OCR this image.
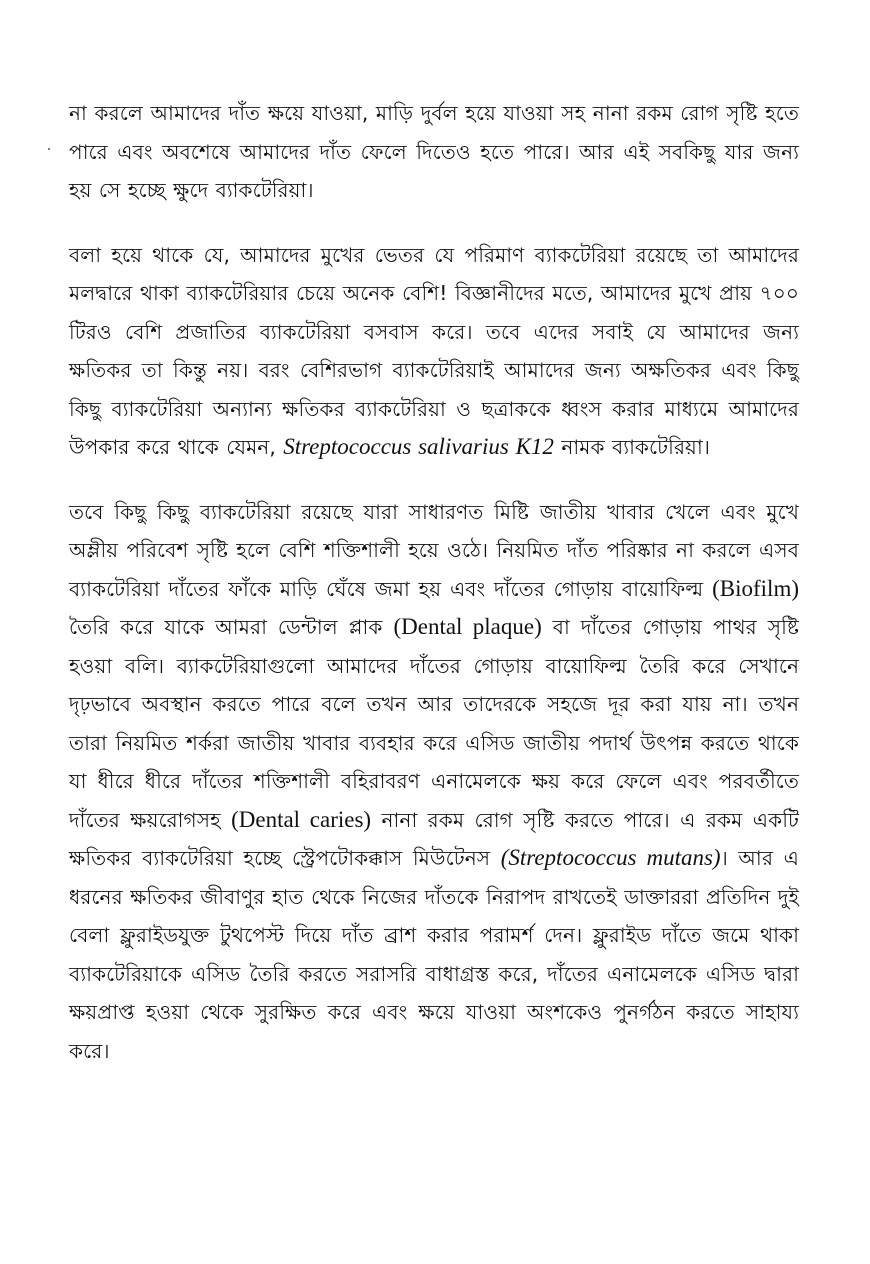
না করলে আমাদের দাঁত ক্ষয়ে যাওয়া, মাড়ি দুর্বল হয়ে যাওয়া সহ নানা রকম রোগ সৃষ্টি হতে পারে এবং অবশেষে আমাদের দাঁত ফেলে দিতেও হতে পারে। আর এই সবকিছু যার জন্য হয় সে হচ্ছে ক্ষুদে ব্যাকটেরিয়া।

বলা হয়ে থাকে যে, আমাদের মুখের ভেতর যে পরিমাণ ব্যাকটেরিয়া রয়েছে তা আমাদের মলদ্বারে থাকা ব্যাকটেরিয়ার চেয়ে অনেক বেশি! বিজ্ঞানীদের মতে, আমাদের মুখে প্রায় ৭০০ টিরও বেশি প্রজাতির ব্যাকটেরিয়া বসবাস করে। তবে এদের সবাই যে আমাদের জন্য ক্ষতিকর তা কিন্তু নয়। বরং বেশিরভাগ ব্যাকটেরিয়াই আমাদের জন্য অক্ষতিকর এবং কিছু কিছু ব্যাকটেরিয়া অন্যান্য ক্ষতিকর ব্যাকটেরিয়া ও ছত্রাককে ধ্বংস করার মাধ্যমে আমাদের উপকার করে থাকে যেমন, Streptococcus salivarius K12 নামক ব্যাকটেরিয়া।

তবে কিছু কিছু ব্যাকটেরিয়া রয়েছে যারা সাধারণত মিষ্টি জাতীয় খাবার খেলে এবং মুখে অম্লীয় পরিবেশ সৃষ্টি হলে বেশি শক্তিশালী হয়ে ওঠে। নিয়মিত দাঁত পরিষ্কার না করলে এসব ব্যাকটেরিয়া দাঁতের ফাঁকে মাড়ি ঘেঁষে জমা হয় এবং দাঁতের গোড়ায় বায়োফিল্ম (Biofilm) তৈরি করে যাকে আমরা ডেন্টাল প্লাক (Dental plaque) বা দাঁতের গোড়ায় পাথর সৃষ্টি হওয়া বলি। ব্যাকটেরিয়াগুলো আমাদের দাঁতের গোড়ায় বায়োফিল্ম তৈরি করে সেখানে দৃঢ়ভাবে অবস্থান করতে পারে বলে তখন আর তাদেরকে সহজে দূর করা যায় না। তখন তারা নিয়মিত শর্করা জাতীয় খাবার ব্যবহার করে এসিড জাতীয় পদার্থ উৎপন্ন করতে থাকে যা ধীরে ধীরে দাঁতের শক্তিশালী বহিরাবরণ এনামেলকে ক্ষয় করে ফেলে এবং পরবর্তীতে দাঁতের ক্ষয়রোগসহ (Dental caries) নানা রকম রোগ সৃষ্টি করতে পারে। এ রকম একটি ক্ষতিকর ব্যাকটেরিয়া হচ্ছে স্ট্রেপটোকক্কাস মিউটেনস (Streptococcus mutans)। আর এ ধরনের ক্ষতিকর জীবাণুর হাত থেকে নিজের দাঁতকে নিরাপদ রাখতেই ডাক্তাররা প্রতিদিন দুই বেলা ফ্লুরাইডযুক্ত টুথপেস্ট দিয়ে দাঁত ব্রাশ করার পরামর্শ দেন। ফ্লুরাইড দাঁতে জমে থাকা ব্যাকটেরিয়াকে এসিড তৈরি করতে সরাসরি বাধাগ্রস্ত করে, দাঁতের এনামেলকে এসিড দ্বারা ক্ষয়প্রাপ্ত হওয়া থেকে সুরক্ষিত করে এবং ক্ষয়ে যাওয়া অংশকেও পুনর্গঠন করতে সাহায্য করে।
